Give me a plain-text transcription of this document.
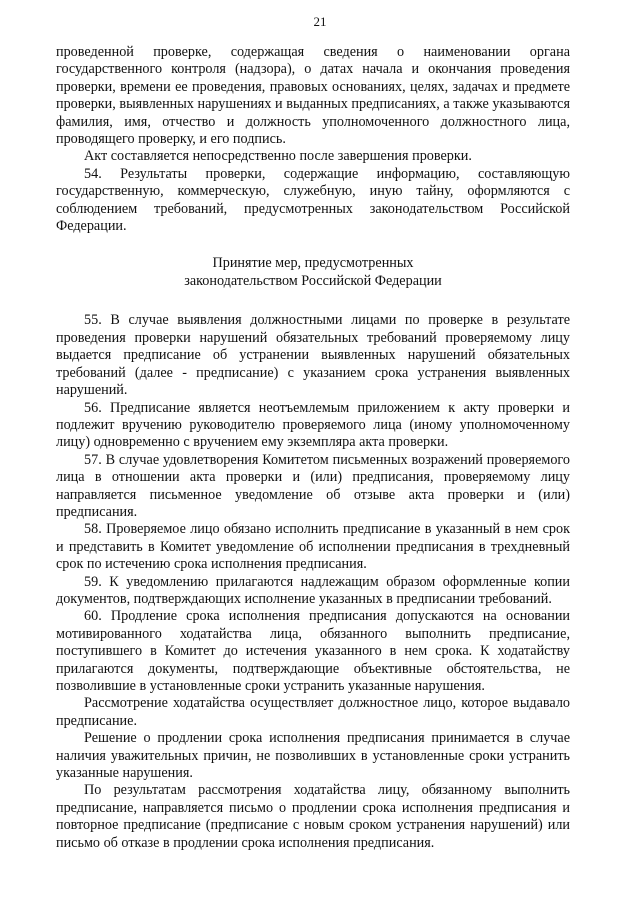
21

проведенной проверке, содержащая сведения о наименовании органа государственного контроля (надзора), о датах начала и окончания проведения проверки, времени ее проведения, правовых основаниях, целях, задачах и предмете проверки, выявленных нарушениях и выданных предписаниях, а также указываются фамилия, имя, отчество и должность уполномоченного должностного лица, проводящего проверку, и его подпись.

Акт составляется непосредственно после завершения проверки.

54. Результаты проверки, содержащие информацию, составляющую государственную, коммерческую, служебную, иную тайну, оформляются с соблюдением требований, предусмотренных законодательством Российской Федерации.

Принятие мер, предусмотренных
законодательством Российской Федерации

55. В случае выявления должностными лицами по проверке в результате проведения проверки нарушений обязательных требований проверяемому лицу выдается предписание об устранении выявленных нарушений обязательных требований (далее - предписание) с указанием срока устранения выявленных нарушений.

56. Предписание является неотъемлемым приложением к акту проверки и подлежит вручению руководителю проверяемого лица (иному уполномоченному лицу) одновременно с вручением ему экземпляра акта проверки.

57. В случае удовлетворения Комитетом письменных возражений проверяемого лица в отношении акта проверки и (или) предписания, проверяемому лицу направляется письменное уведомление об отзыве акта проверки и (или) предписания.

58. Проверяемое лицо обязано исполнить предписание в указанный в нем срок и представить в Комитет уведомление об исполнении предписания в трехдневный срок по истечению срока исполнения предписания.

59. К уведомлению прилагаются надлежащим образом оформленные копии документов, подтверждающих исполнение указанных в предписании требований.

60. Продление срока исполнения предписания допускаются на основании мотивированного ходатайства лица, обязанного выполнить предписание, поступившего в Комитет до истечения указанного в нем срока. К ходатайству прилагаются документы, подтверждающие объективные обстоятельства, не позволившие в установленные сроки устранить указанные нарушения.

Рассмотрение ходатайства осуществляет должностное лицо, которое выдавало предписание.

Решение о продлении срока исполнения предписания принимается в случае наличия уважительных причин, не позволивших в установленные сроки устранить указанные нарушения.

По результатам рассмотрения ходатайства лицу, обязанному выполнить предписание, направляется письмо о продлении срока исполнения предписания и повторное предписание (предписание с новым сроком устранения нарушений) или письмо об отказе в продлении срока исполнения предписания.
